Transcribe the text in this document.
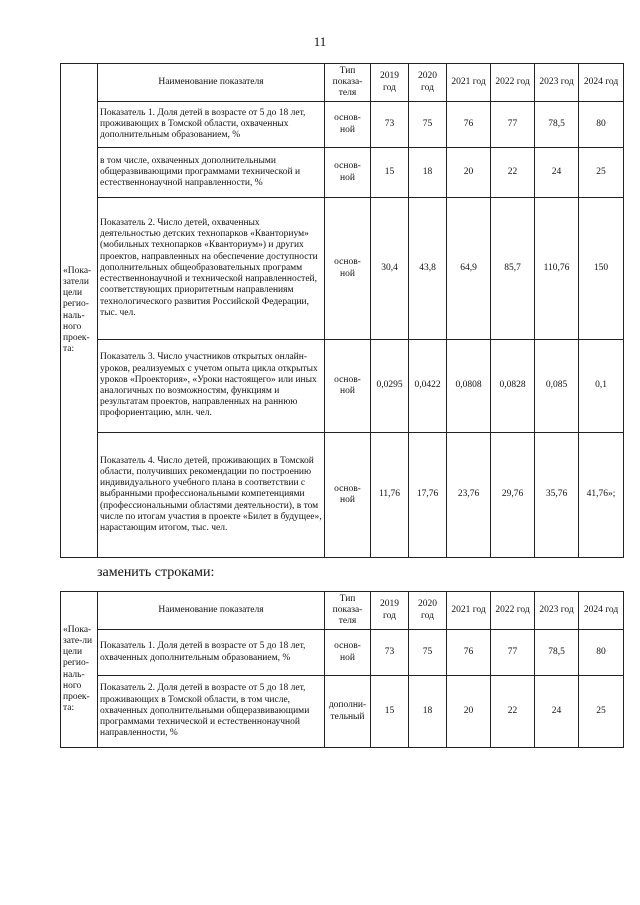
11
«Пока-затели цели регио-наль-ного проек-та:	Наименование показателя	Тип показа-теля	2019 год	2020 год	2021 год	2022 год	2023 год	2024 год
	Показатель 1. Доля детей в возрасте от 5 до 18 лет, проживающих в Томской области, охваченных дополнительным образованием, %	основ-ной	73	75	76	77	78,5	80
	в том числе, охваченных дополнительными общеразвивающими программами технической и естественнонаучной направленности, %	основ-ной	15	18	20	22	24	25
	Показатель 2. Число детей, охваченных деятельностью детских технопарков «Кванториум» (мобильных технопарков «Кванториум») и других проектов, направленных на обеспечение доступности дополнительных общеобразовательных программ естественнонаучной и технической направленностей, соответствующих приоритетным направлениям технологического развития Российской Федерации, тыс. чел.	основ-ной	30,4	43,8	64,9	85,7	110,76	150
	Показатель 3. Число участников открытых онлайн-уроков, реализуемых с учетом опыта цикла открытых уроков «Проектория», «Уроки настоящего» или иных аналогичных по возможностям, функциям и результатам проектов, направленных на раннюю профориентацию, млн. чел.	основ-ной	0,0295	0,0422	0,0808	0,0828	0,085	0,1
	Показатель 4. Число детей, проживающих в Томской области, получивших рекомендации по построению индивидуального учебного плана в соответствии с выбранными профессиональными компетенциями (профессиональными областями деятельности), в том числе по итогам участия в проекте «Билет в будущее», нарастающим итогом, тыс. чел.	основ-ной	11,76	17,76	23,76	29,76	35,76	41,76»;
заменить строками:
«Пока-зате-ли цели регио-наль-ного проек-та:	Наименование показателя	Тип показа-теля	2019 год	2020 год	2021 год	2022 год	2023 год	2024 год
	Показатель 1. Доля детей в возрасте от 5 до 18 лет, охваченных дополнительным образованием, %	основ-ной	73	75	76	77	78,5	80
	Показатель 2. Доля детей в возрасте от 5 до 18 лет, проживающих в Томской области, в том числе, охваченных дополнительными общеразвивающими программами технической и естественнонаучной направленности, %	дополни-тельный	15	18	20	22	24	25
